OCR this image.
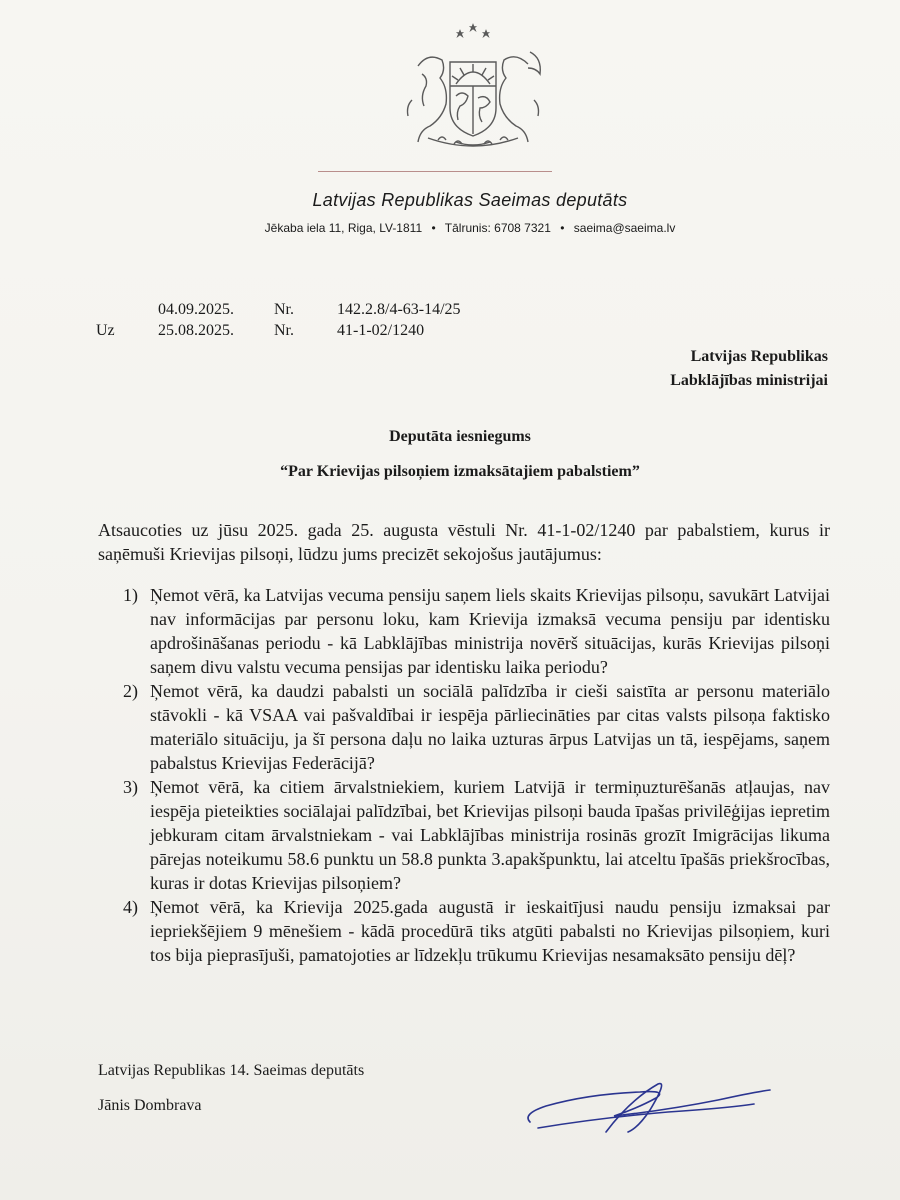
Latvijas Republikas Saeimas deputāts
Jēkaba iela 11, Riga, LV-1811 • Tālrunis: 6708 7321 • saeima@saeima.lv
04.09.2025.	Nr.	142.2.8/4-63-14/25
Uz	25.08.2025.	Nr.	41-1-02/1240
Latvijas Republikas
Labklājības ministrijai
Deputāta iesniegums
“Par Krievijas pilsoņiem izmaksātajiem pabalstiem”
Atsaucoties uz jūsu 2025. gada 25. augusta vēstuli Nr. 41-1-02/1240 par pabalstiem, kurus ir saņēmuši Krievijas pilsoņi, lūdzu jums precizēt sekojošus jautājumus:
1) Ņemot vērā, ka Latvijas vecuma pensiju saņem liels skaits Krievijas pilsoņu, savukārt Latvijai nav informācijas par personu loku, kam Krievija izmaksā vecuma pensiju par identisku apdrošināšanas periodu - kā Labklājības ministrija novērš situācijas, kurās Krievijas pilsoņi saņem divu valstu vecuma pensijas par identisku laika periodu?
2) Ņemot vērā, ka daudzi pabalsti un sociālā palīdzība ir cieši saistīta ar personu materiālo stāvokli - kā VSAA vai pašvaldībai ir iespēja pārliecināties par citas valsts pilsoņa faktisko materiālo situāciju, ja šī persona daļu no laika uzturas ārpus Latvijas un tā, iespējams, saņem pabalstus Krievijas Federācijā?
3) Ņemot vērā, ka citiem ārvalstniekiem, kuriem Latvijā ir termiņuzturēšanās atļaujas, nav iespēja pieteikties sociālajai palīdzībai, bet Krievijas pilsoņi bauda īpašas privilēģijas iepretim jebkuram citam ārvalstniekam - vai Labklājības ministrija rosinās grozīt Imigrācijas likuma pārejas noteikumu 58.6 punktu un 58.8 punkta 3.apakšpunktu, lai atceltu īpašās priekšrocības, kuras ir dotas Krievijas pilsoņiem?
4) Ņemot vērā, ka Krievija 2025.gada augustā ir ieskaitījusi naudu pensiju izmaksai par iepriekšējiem 9 mēnešiem - kādā procedūrā tiks atgūti pabalsti no Krievijas pilsoņiem, kuri tos bija pieprasījuši, pamatojoties ar līdzekļu trūkumu Krievijas nesamaksāto pensiju dēļ?
Latvijas Republikas 14. Saeimas deputāts
Jānis Dombrava
